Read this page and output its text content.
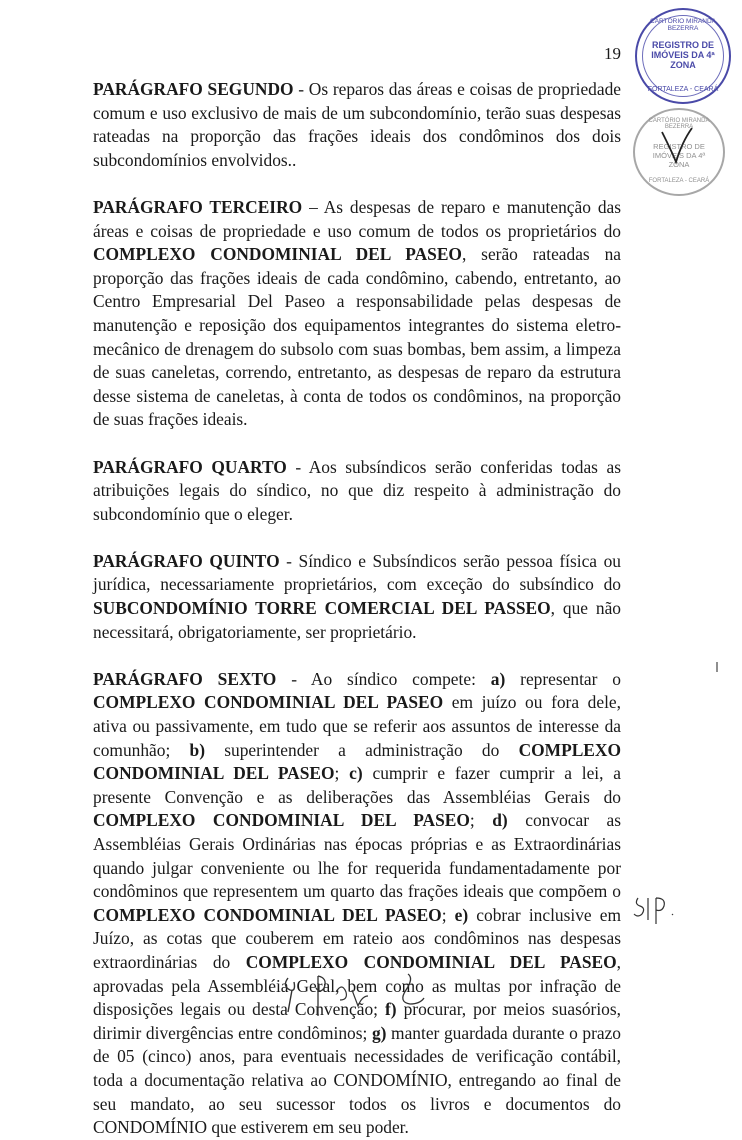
19
CARTÓRIO MIRANDA BEZERRA
REGISTRO DE IMÓVEIS DA 4ª ZONA
FORTALEZA - CEARÁ
CARTÓRIO MIRANDA BEZERRA
REGISTRO DE IMÓVEIS DA 4ª ZONA
FORTALEZA - CEARÁ

PARÁGRAFO SEGUNDO - Os reparos das áreas e coisas de propriedade comum e uso exclusivo de mais de um subcondomínio, terão suas despesas rateadas na proporção das frações ideais dos condôminos dos dois subcondomínios envolvidos..

PARÁGRAFO TERCEIRO – As despesas de reparo e manutenção das áreas e coisas de propriedade e uso comum de todos os proprietários do COMPLEXO CONDOMINIAL DEL PASEO, serão rateadas na proporção das frações ideais de cada condômino, cabendo, entretanto, ao Centro Empresarial Del Paseo a responsabilidade pelas despesas de manutenção e reposição dos equipamentos integrantes do sistema eletro-mecânico de drenagem do subsolo com suas bombas, bem assim, a limpeza de suas caneletas, correndo, entretanto, as despesas de reparo da estrutura desse sistema de caneletas, à conta de todos os condôminos, na proporção de suas frações ideais.

PARÁGRAFO QUARTO - Aos subsíndicos serão conferidas todas as atribuições legais do síndico, no que diz respeito à administração do subcondomínio que o eleger.

PARÁGRAFO QUINTO - Síndico e Subsíndicos serão pessoa física ou jurídica, necessariamente proprietários, com exceção do subsíndico do SUBCONDOMÍNIO TORRE COMERCIAL DEL PASSEO, que não necessitará, obrigatoriamente, ser proprietário.

PARÁGRAFO SEXTO - Ao síndico compete: a) representar o COMPLEXO CONDOMINIAL DEL PASEO em juízo ou fora dele, ativa ou passivamente, em tudo que se referir aos assuntos de interesse da comunhão; b) superintender a administração do COMPLEXO CONDOMINIAL DEL PASEO; c) cumprir e fazer cumprir a lei, a presente Convenção e as deliberações das Assembléias Gerais do COMPLEXO CONDOMINIAL DEL PASEO; d) convocar as Assembléias Gerais Ordinárias nas épocas próprias e as Extraordinárias quando julgar conveniente ou lhe for requerida fundamentadamente por condôminos que representem um quarto das frações ideais que compõem o COMPLEXO CONDOMINIAL DEL PASEO; e) cobrar inclusive em Juízo, as cotas que couberem em rateio aos condôminos nas despesas extraordinárias do COMPLEXO CONDOMINIAL DEL PASEO, aprovadas pela Assembléia Geral, bem como as multas por infração de disposições legais ou desta Convenção; f) procurar, por meios suasórios, dirimir divergências entre condôminos; g) manter guardada durante o prazo de 05 (cinco) anos, para eventuais necessidades de verificação contábil, toda a documentação relativa ao CONDOMÍNIO, entregando ao final de seu mandato, ao seu sucessor todos os livros e documentos do CONDOMÍNIO que estiverem em seu poder.
